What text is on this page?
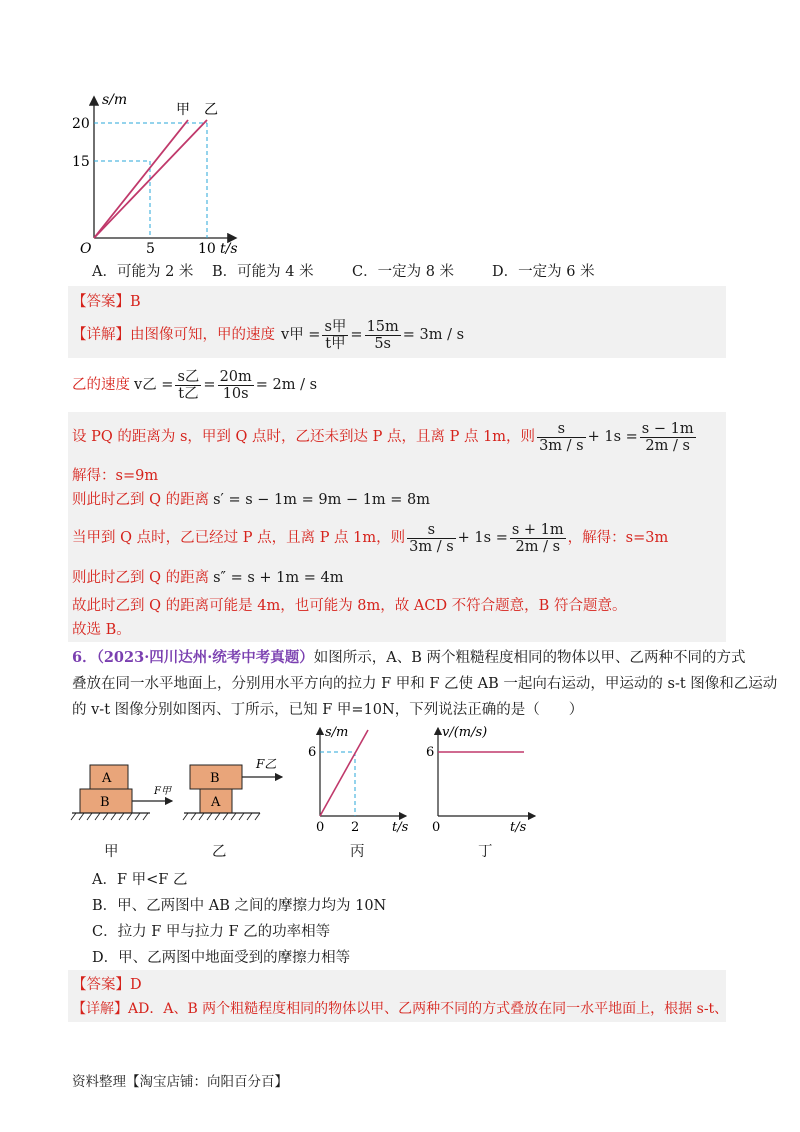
s/m
甲 乙
20
15
O	5	10 t/s
A．可能为 2 米 B．可能为 4 米	C．一定为 8 米	D．一定为 6 米
【答案】B
【详解】由图像可知，甲的速度 v甲 = $\frac{\text{s甲}}{\text{t甲}} = \frac{15m}{5s} = 3m / s$
乙的速度 v乙 = $\frac{\text{s乙}}{\text{t乙}} = \frac{20m}{10s} = 2m / s$
设 PQ 的距离为 s，甲到 Q 点时，乙还未到达 P 点，且离 P 点 1m，则 $\frac{s}{3m / s} + 1s = \frac{s - 1m}{2m / s}$
解得：s=9m
则此时乙到 Q 的距离 s′ = s − 1m = 9m − 1m = 8m
当甲到 Q 点时，乙已经过 P 点，且离 P 点 1m，则 $\frac{s}{3m / s} + 1s = \frac{s + 1m}{2m / s}$ ，解得：s=3m
则此时乙到 Q 的距离 s″ = s + 1m = 4m
故此时乙到 Q 的距离可能是 4m，也可能为 8m，故 ACD 不符合题意，B 符合题意。
故选 B。
6．（2023·四川达州·统考中考真题）如图所示，A、B 两个粗糙程度相同的物体以甲、乙两种不同的方式
叠放在同一水平地面上，分别用水平方向的拉力 F 甲和 F 乙使 AB 一起向右运动，甲运动的 s-t 图像和乙运动
的 v-t 图像分别如图丙、丁所示，已知 F 甲=10N，下列说法正确的是（　　）
A
B
F甲
甲
B
A
F乙
乙
s/m
6
0 2	t/s
丙
v/(m/s)
6
0	t/s
丁
A．F 甲<F 乙
B．甲、乙两图中 AB 之间的摩擦力均为 10N
C．拉力 F 甲与拉力 F 乙的功率相等
D．甲、乙两图中地面受到的摩擦力相等
【答案】D
【详解】AD．A、B 两个粗糙程度相同的物体以甲、乙两种不同的方式叠放在同一水平地面上，根据 s-t、
资料整理【淘宝店铺：向阳百分百】
